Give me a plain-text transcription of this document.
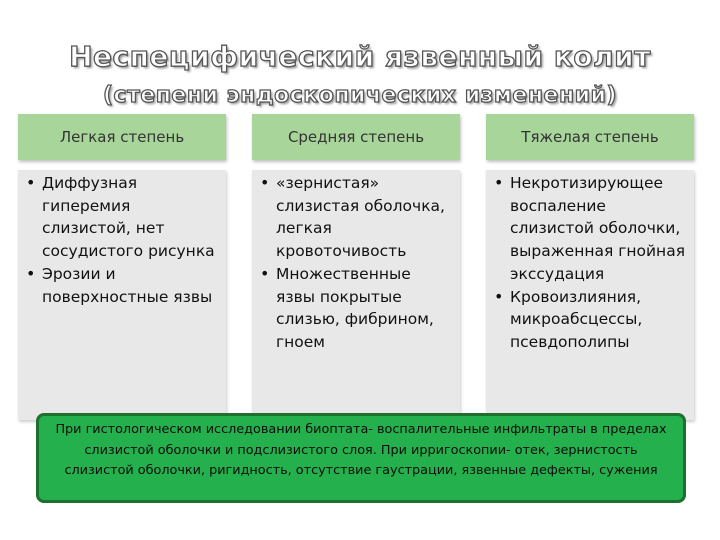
Неспецифический язвенный колит
(степени эндоскопических изменений)
Легкая степень
• Диффузная гиперемия слизистой, нет сосудистого рисунка
• Эрозии и поверхностные язвы
Средняя степень
• «зернистая» слизистая оболочка, легкая кровоточивость
• Множественные язвы покрытые слизью, фибрином, гноем
Тяжелая степень
• Некротизирующее воспаление слизистой оболочки, выраженная гнойная экссудация
• Кровоизлияния, микроабсцессы, псевдополипы
При гистологическом исследовании биоптата- воспалительные инфильтраты в пределах слизистой оболочки и подслизистого слоя. При ирригоскопии- отек, зернистость слизистой оболочки, ригидность, отсутствие гаустрации, язвенные дефекты, сужения
